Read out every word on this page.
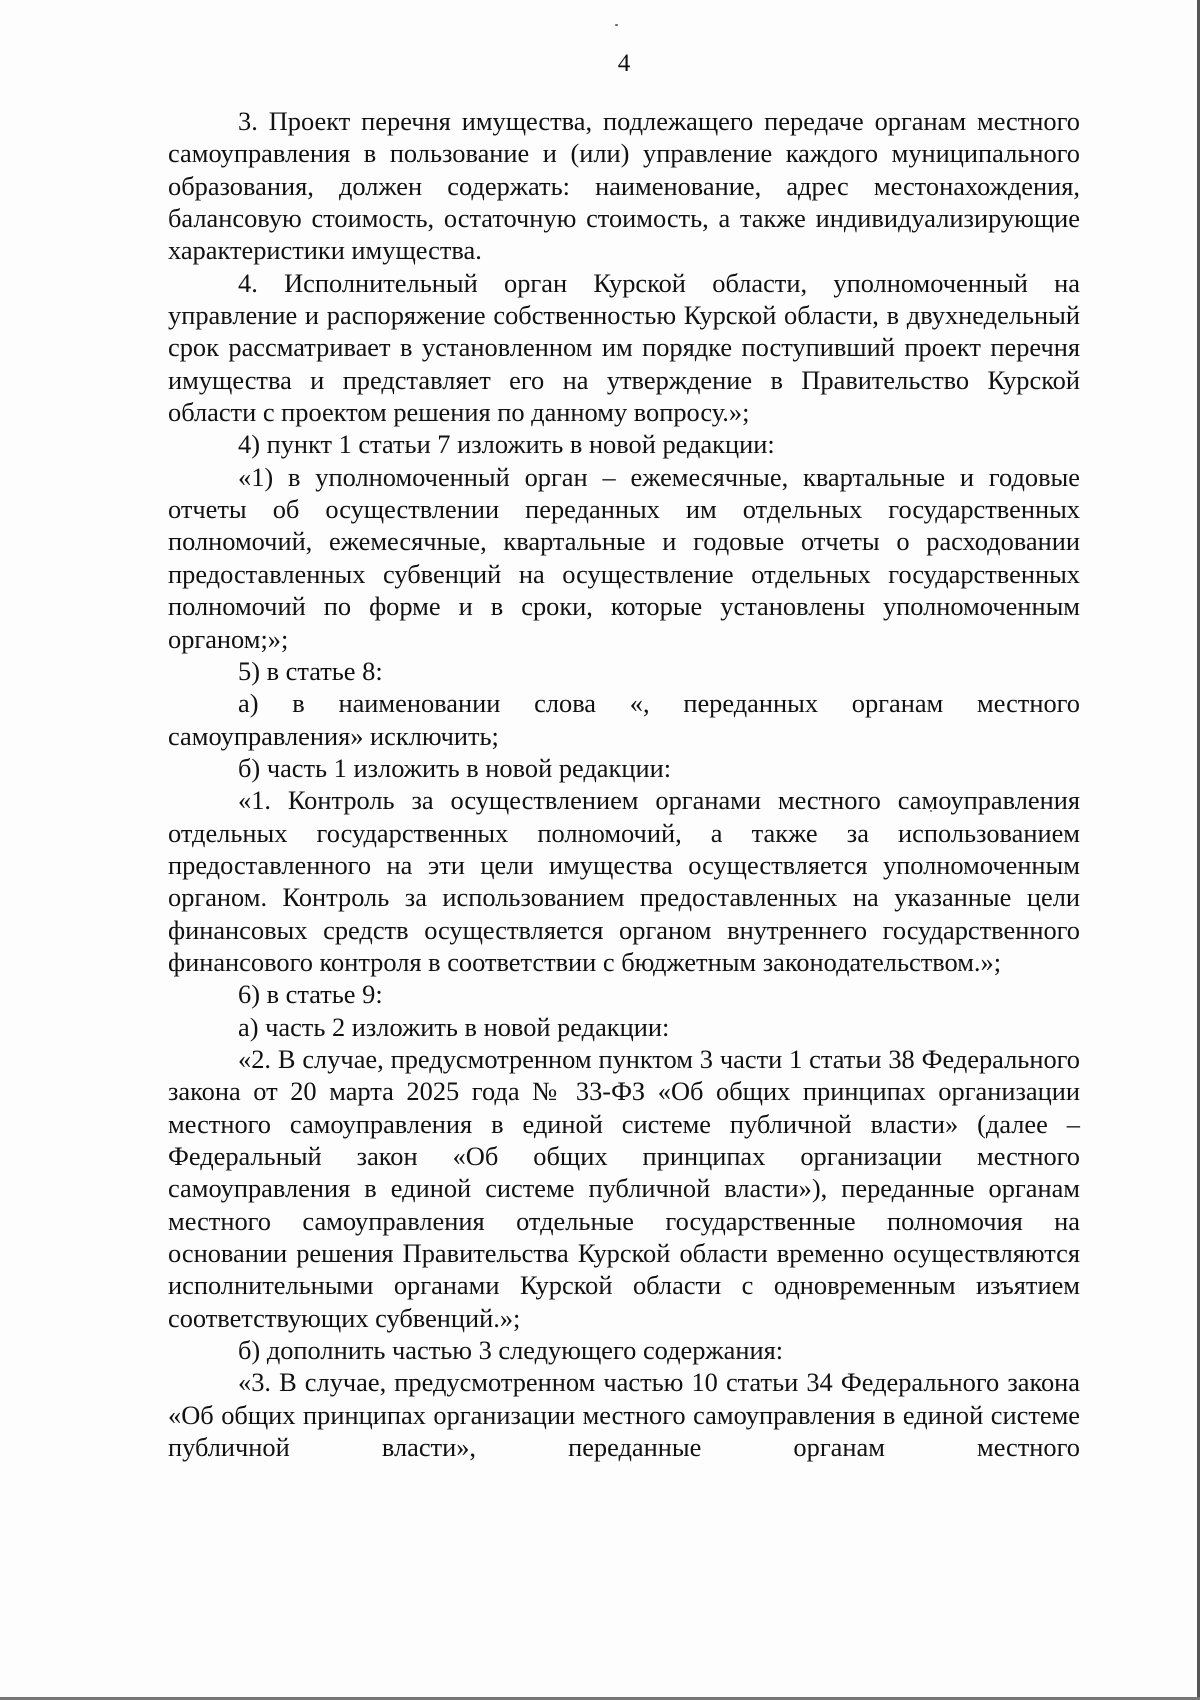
4

3. Проект перечня имущества, подлежащего передаче органам местного самоуправления в пользование и (или) управление каждого муниципального образования, должен содержать: наименование, адрес местонахождения, балансовую стоимость, остаточную стоимость, а также индивидуализирующие характеристики имущества.

4. Исполнительный орган Курской области, уполномоченный на управление и распоряжение собственностью Курской области, в двухнедельный срок рассматривает в установленном им порядке поступивший проект перечня имущества и представляет его на утверждение в Правительство Курской области с проектом решения по данному вопросу.»;

4) пункт 1 статьи 7 изложить в новой редакции:

«1) в уполномоченный орган – ежемесячные, квартальные и годовые отчеты об осуществлении переданных им отдельных государственных полномочий, ежемесячные, квартальные и годовые отчеты о расходовании предоставленных субвенций на осуществление отдельных государственных полномочий по форме и в сроки, которые установлены уполномоченным органом;»;

5) в статье 8:

а) в наименовании слова «, переданных органам местного самоуправления» исключить;

б) часть 1 изложить в новой редакции:

«1. Контроль за осуществлением органами местного самоуправления отдельных государственных полномочий, а также за использованием предоставленного на эти цели имущества осуществляется уполномоченным органом. Контроль за использованием предоставленных на указанные цели финансовых средств осуществляется органом внутреннего государственного финансового контроля в соответствии с бюджетным законодательством.»;

6) в статье 9:

а) часть 2 изложить в новой редакции:

«2. В случае, предусмотренном пунктом 3 части 1 статьи 38 Федерального закона от 20 марта 2025 года № 33-ФЗ «Об общих принципах организации местного самоуправления в единой системе публичной власти» (далее – Федеральный закон «Об общих принципах организации местного самоуправления в единой системе публичной власти»), переданные органам местного самоуправления отдельные государственные полномочия на основании решения Правительства Курской области временно осуществляются исполнительными органами Курской области с одновременным изъятием соответствующих субвенций.»;

б) дополнить частью 3 следующего содержания:

«3. В случае, предусмотренном частью 10 статьи 34 Федерального закона «Об общих принципах организации местного самоуправления в единой системе публичной власти», переданные органам местного
